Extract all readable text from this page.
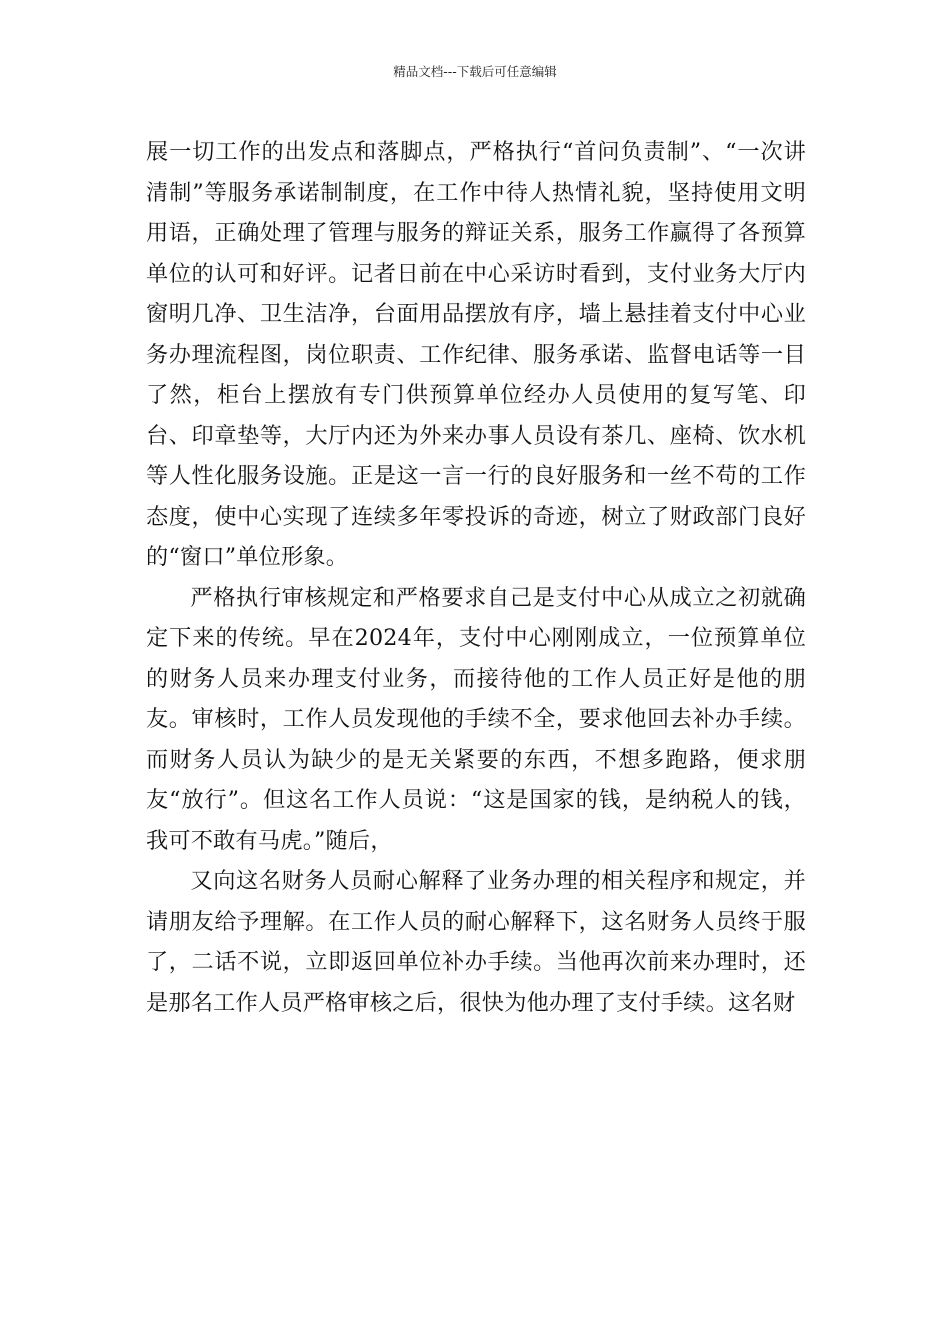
精品文档---下载后可任意编辑

展一切工作的出发点和落脚点，严格执行“首问负责制”、“一次讲清制”等服务承诺制制度，在工作中待人热情礼貌，坚持使用文明用语，正确处理了管理与服务的辩证关系，服务工作赢得了各预算单位的认可和好评。记者日前在中心采访时看到，支付业务大厅内窗明几净、卫生洁净，台面用品摆放有序，墙上悬挂着支付中心业务办理流程图，岗位职责、工作纪律、服务承诺、监督电话等一目了然，柜台上摆放有专门供预算单位经办人员使用的复写笔、印台、印章垫等，大厅内还为外来办事人员设有茶几、座椅、饮水机等人性化服务设施。正是这一言一行的良好服务和一丝不苟的工作态度，使中心实现了连续多年零投诉的奇迹，树立了财政部门良好的“窗口”单位形象。

严格执行审核规定和严格要求自己是支付中心从成立之初就确定下来的传统。早在2024年，支付中心刚刚成立，一位预算单位的财务人员来办理支付业务，而接待他的工作人员正好是他的朋友。审核时，工作人员发现他的手续不全，要求他回去补办手续。而财务人员认为缺少的是无关紧要的东西，不想多跑路，便求朋友“放行”。但这名工作人员说：“这是国家的钱，是纳税人的钱，我可不敢有马虎。”随后，

又向这名财务人员耐心解释了业务办理的相关程序和规定，并请朋友给予理解。在工作人员的耐心解释下，这名财务人员终于服了，二话不说，立即返回单位补办手续。当他再次前来办理时，还是那名工作人员严格审核之后，很快为他办理了支付手续。这名财
